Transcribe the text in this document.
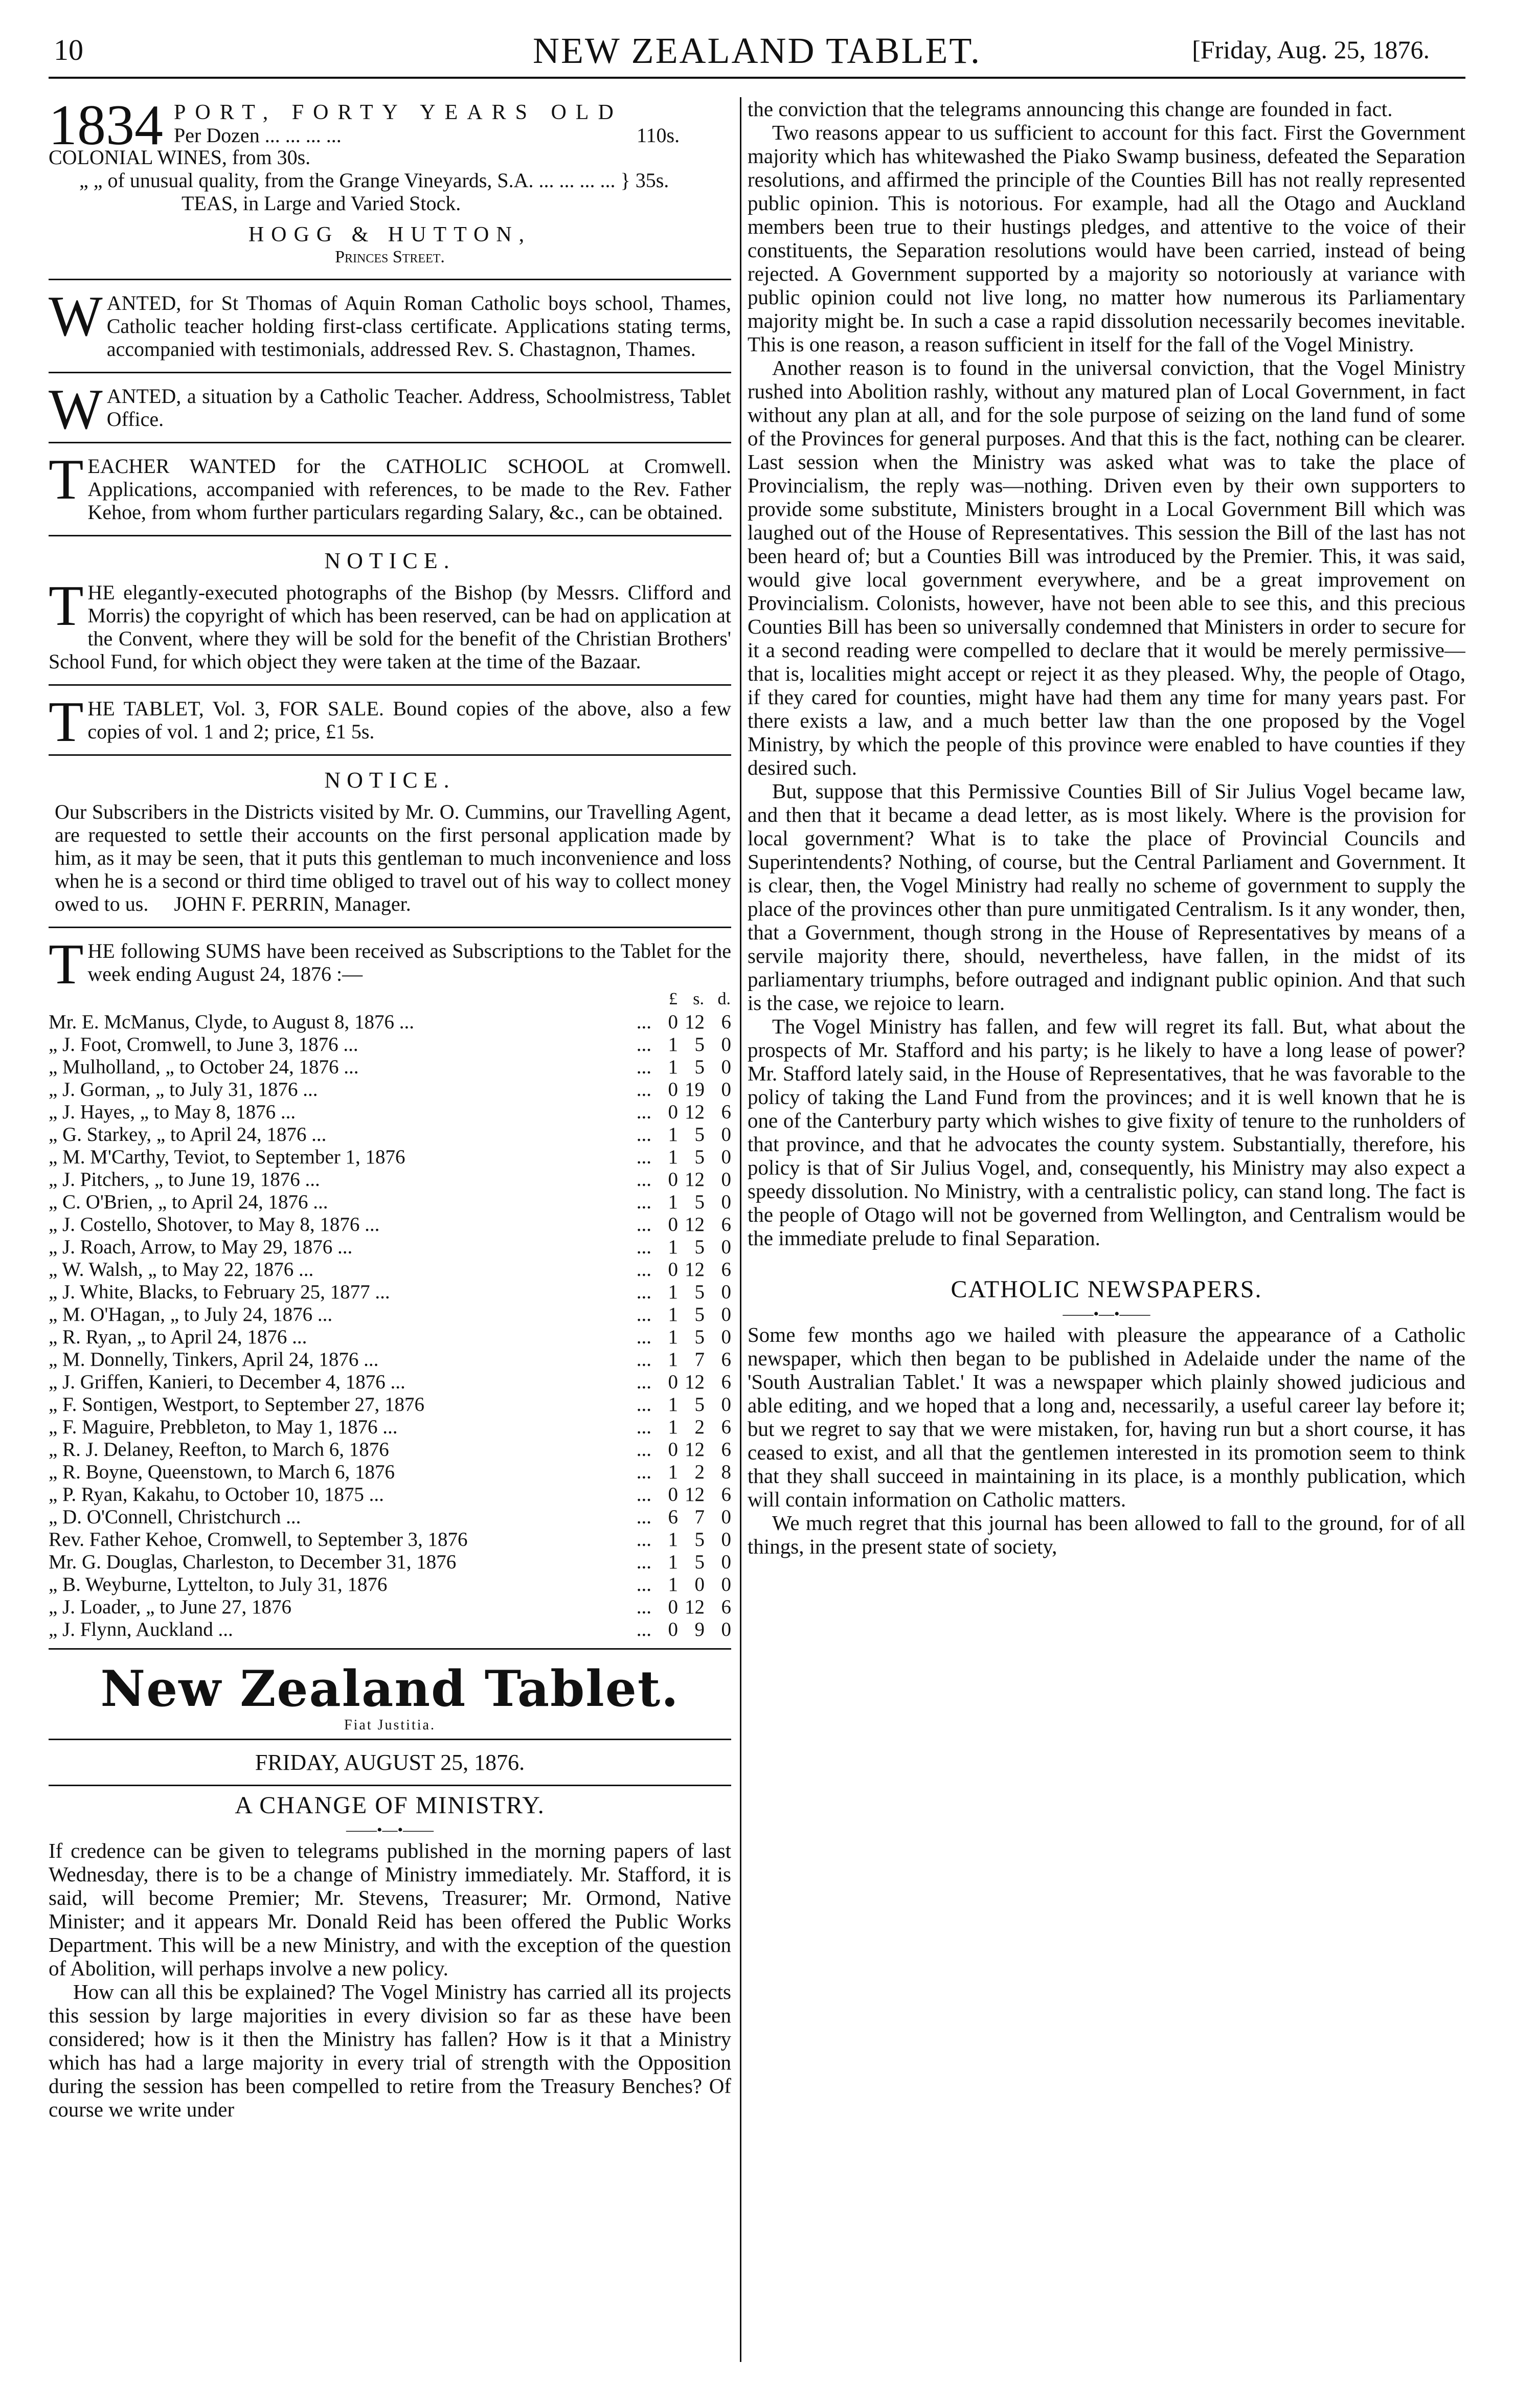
10	NEW ZEALAND TABLET.	[Friday, Aug. 25, 1876.
1834 PORT, FORTY YEARS OLD
Per Dozen ... ... ... ...	110s.
COLONIAL WINES, from 30s.
„ „ of unusual quality, from the Grange Vineyards, S.A. ... ... ... ... } 35s.
TEAS, in Large and Varied Stock.
HOGG & HUTTON,
Princes Street.
WANTED, for St Thomas of Aquin Roman Catholic boys school, Thames, Catholic teacher holding first-class certificate. Applications stating terms, accompanied with testimonials, addressed Rev. S. Chastagnon, Thames.
WANTED, a situation by a Catholic Teacher. Address, Schoolmistress, Tablet Office.
TEACHER WANTED for the CATHOLIC SCHOOL at Cromwell. Applications, accompanied with references, to be made to the Rev. Father Kehoe, from whom further particulars regarding Salary, &c., can be obtained.
NOTICE.
THE elegantly-executed photographs of the Bishop (by Messrs. Clifford and Morris) the copyright of which has been reserved, can be had on application at the Convent, where they will be sold for the benefit of the Christian Brothers' School Fund, for which object they were taken at the time of the Bazaar.
THE TABLET, Vol. 3, FOR SALE. Bound copies of the above, also a few copies of vol. 1 and 2; price, £1 5s.
NOTICE.
Our Subscribers in the Districts visited by Mr. O. Cummins, our Travelling Agent, are requested to settle their accounts on the first personal application made by him, as it may be seen, that it puts this gentleman to much inconvenience and loss when he is a second or third time obliged to travel out of his way to collect money owed to us. JOHN F. PERRIN, Manager.
THE following SUMS have been received as Subscriptions to the Tablet for the week ending August 24, 1876 :—
		£	s.	d.
Mr. E. McManus, Clyde, to August 8, 1876 ...	...	0	12	6
„ J. Foot, Cromwell, to June 3, 1876 ...	...	1	5	0
„ Mulholland, „ to October 24, 1876 ...	...	1	5	0
„ J. Gorman, „ to July 31, 1876 ...	...	0	19	0
„ J. Hayes, „ to May 8, 1876 ...	...	0	12	6
„ G. Starkey, „ to April 24, 1876 ...	...	1	5	0
„ M. M'Carthy, Teviot, to September 1, 1876	...	1	5	0
„ J. Pitchers, „ to June 19, 1876 ...	...	0	12	0
„ C. O'Brien, „ to April 24, 1876 ...	...	1	5	0
„ J. Costello, Shotover, to May 8, 1876 ...	...	0	12	6
„ J. Roach, Arrow, to May 29, 1876 ...	...	1	5	0
„ W. Walsh, „ to May 22, 1876 ...	...	0	12	6
„ J. White, Blacks, to February 25, 1877 ...	...	1	5	0
„ M. O'Hagan, „ to July 24, 1876 ...	...	1	5	0
„ R. Ryan, „ to April 24, 1876 ...	...	1	5	0
„ M. Donnelly, Tinkers, April 24, 1876 ...	...	1	7	6
„ J. Griffen, Kanieri, to December 4, 1876 ...	...	0	12	6
„ F. Sontigen, Westport, to September 27, 1876	...	1	5	0
„ F. Maguire, Prebbleton, to May 1, 1876 ...	...	1	2	6
„ R. J. Delaney, Reefton, to March 6, 1876	...	0	12	6
„ R. Boyne, Queenstown, to March 6, 1876	...	1	2	8
„ P. Ryan, Kakahu, to October 10, 1875 ...	...	0	12	6
„ D. O'Connell, Christchurch ...	...	6	7	0
Rev. Father Kehoe, Cromwell, to September 3, 1876	...	1	5	0
Mr. G. Douglas, Charleston, to December 31, 1876	...	1	5	0
„ B. Weyburne, Lyttelton, to July 31, 1876	...	1	0	0
„ J. Loader, „ to June 27, 1876	...	0	12	6
„ J. Flynn, Auckland ...	...	0	9	0
New Zealand Tablet.
Fiat Justitia.
FRIDAY, AUGUST 25, 1876.
A CHANGE OF MINISTRY.
——•—•——

If credence can be given to telegrams published in the morning papers of last Wednesday, there is to be a change of Ministry immediately. Mr. Stafford, it is said, will become Premier; Mr. Stevens, Treasurer; Mr. Ormond, Native Minister; and it appears Mr. Donald Reid has been offered the Public Works Department. This will be a new Ministry, and with the exception of the question of Abolition, will perhaps involve a new policy.

How can all this be explained? The Vogel Ministry has carried all its projects this session by large majorities in every division so far as these have been considered; how is it then the Ministry has fallen? How is it that a Ministry which has had a large majority in every trial of strength with the Opposition during the session has been compelled to retire from the Treasury Benches? Of course we write under

the conviction that the telegrams announcing this change are founded in fact.

Two reasons appear to us sufficient to account for this fact. First the Government majority which has whitewashed the Piako Swamp business, defeated the Separation resolutions, and affirmed the principle of the Counties Bill has not really represented public opinion. This is notorious. For example, had all the Otago and Auckland members been true to their hustings pledges, and attentive to the voice of their constituents, the Separation resolutions would have been carried, instead of being rejected. A Government supported by a majority so notoriously at variance with public opinion could not live long, no matter how numerous its Parliamentary majority might be. In such a case a rapid dissolution necessarily becomes inevitable. This is one reason, a reason sufficient in itself for the fall of the Vogel Ministry.

Another reason is to found in the universal conviction, that the Vogel Ministry rushed into Abolition rashly, without any matured plan of Local Government, in fact without any plan at all, and for the sole purpose of seizing on the land fund of some of the Provinces for general purposes. And that this is the fact, nothing can be clearer. Last session when the Ministry was asked what was to take the place of Provincialism, the reply was—nothing. Driven even by their own supporters to provide some substitute, Ministers brought in a Local Government Bill which was laughed out of the House of Representatives. This session the Bill of the last has not been heard of; but a Counties Bill was introduced by the Premier. This, it was said, would give local government everywhere, and be a great improvement on Provincialism. Colonists, however, have not been able to see this, and this precious Counties Bill has been so universally condemned that Ministers in order to secure for it a second reading were compelled to declare that it would be merely permissive—that is, localities might accept or reject it as they pleased. Why, the people of Otago, if they cared for counties, might have had them any time for many years past. For there exists a law, and a much better law than the one proposed by the Vogel Ministry, by which the people of this province were enabled to have counties if they desired such.

But, suppose that this Permissive Counties Bill of Sir Julius Vogel became law, and then that it became a dead letter, as is most likely. Where is the provision for local government? What is to take the place of Provincial Councils and Superintendents? Nothing, of course, but the Central Parliament and Government. It is clear, then, the Vogel Ministry had really no scheme of government to supply the place of the provinces other than pure unmitigated Centralism. Is it any wonder, then, that a Government, though strong in the House of Representatives by means of a servile majority there, should, nevertheless, have fallen, in the midst of its parliamentary triumphs, before outraged and indignant public opinion. And that such is the case, we rejoice to learn.

The Vogel Ministry has fallen, and few will regret its fall. But, what about the prospects of Mr. Stafford and his party; is he likely to have a long lease of power? Mr. Stafford lately said, in the House of Representatives, that he was favorable to the policy of taking the Land Fund from the provinces; and it is well known that he is one of the Canterbury party which wishes to give fixity of tenure to the runholders of that province, and that he advocates the county system. Substantially, therefore, his policy is that of Sir Julius Vogel, and, consequently, his Ministry may also expect a speedy dissolution. No Ministry, with a centralistic policy, can stand long. The fact is the people of Otago will not be governed from Wellington, and Centralism would be the immediate prelude to final Separation.

CATHOLIC NEWSPAPERS.
——•—•——

Some few months ago we hailed with pleasure the appearance of a Catholic newspaper, which then began to be published in Adelaide under the name of the 'South Australian Tablet.' It was a newspaper which plainly showed judicious and able editing, and we hoped that a long and, necessarily, a useful career lay before it; but we regret to say that we were mistaken, for, having run but a short course, it has ceased to exist, and all that the gentlemen interested in its promotion seem to think that they shall succeed in maintaining in its place, is a monthly publication, which will contain information on Catholic matters.

We much regret that this journal has been allowed to fall to the ground, for of all things, in the present state of society,
